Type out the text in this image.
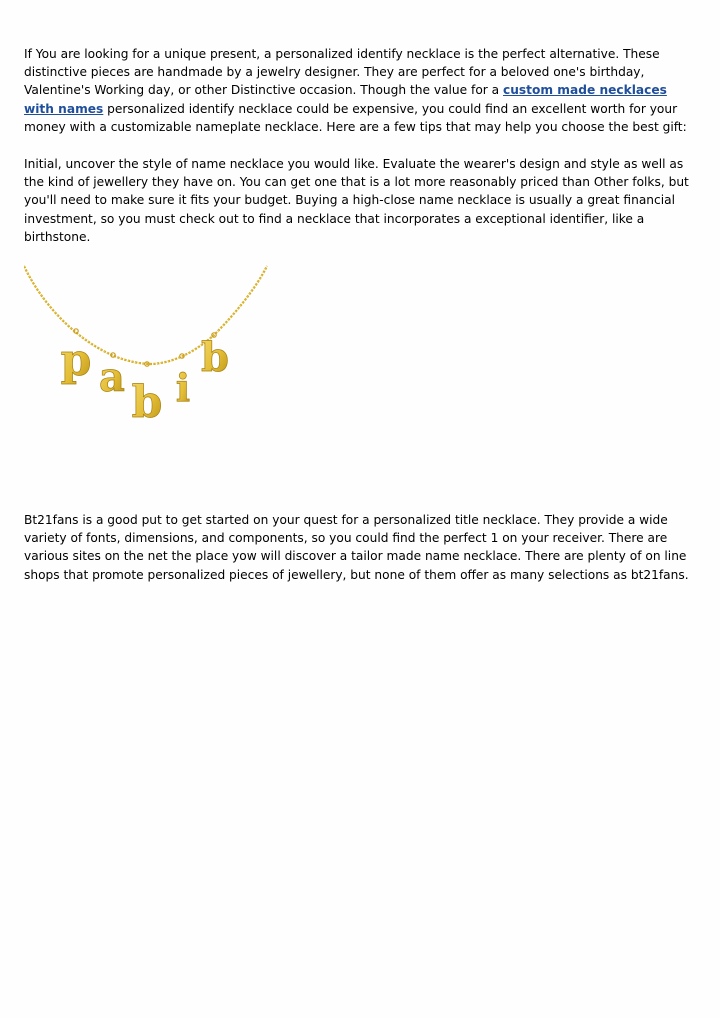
If You are looking for a unique present, a personalized identify necklace is the perfect alternative. These distinctive pieces are handmade by a jewelry designer. They are perfect for a beloved one's birthday, Valentine's Working day, or other Distinctive occasion. Though the value for a custom made necklaces with names personalized identify necklace could be expensive, you could find an excellent worth for your money with a customizable nameplate necklace. Here are a few tips that may help you choose the best gift:

Initial, uncover the style of name necklace you would like. Evaluate the wearer's design and style as well as the kind of jewellery they have on. You can get one that is a lot more reasonably priced than Other folks, but you'll need to make sure it fits your budget. Buying a high-close name necklace is usually a great financial investment, so you must check out to find a necklace that incorporates a exceptional identifier, like a birthstone.

p a b i
b

Bt21fans is a good put to get started on your quest for a personalized title necklace. They provide a wide variety of fonts, dimensions, and components, so you could find the perfect 1 on your receiver. There are various sites on the net the place yow will discover a tailor made name necklace. There are plenty of on line shops that promote personalized pieces of jewellery, but none of them offer as many selections as bt21fans.
